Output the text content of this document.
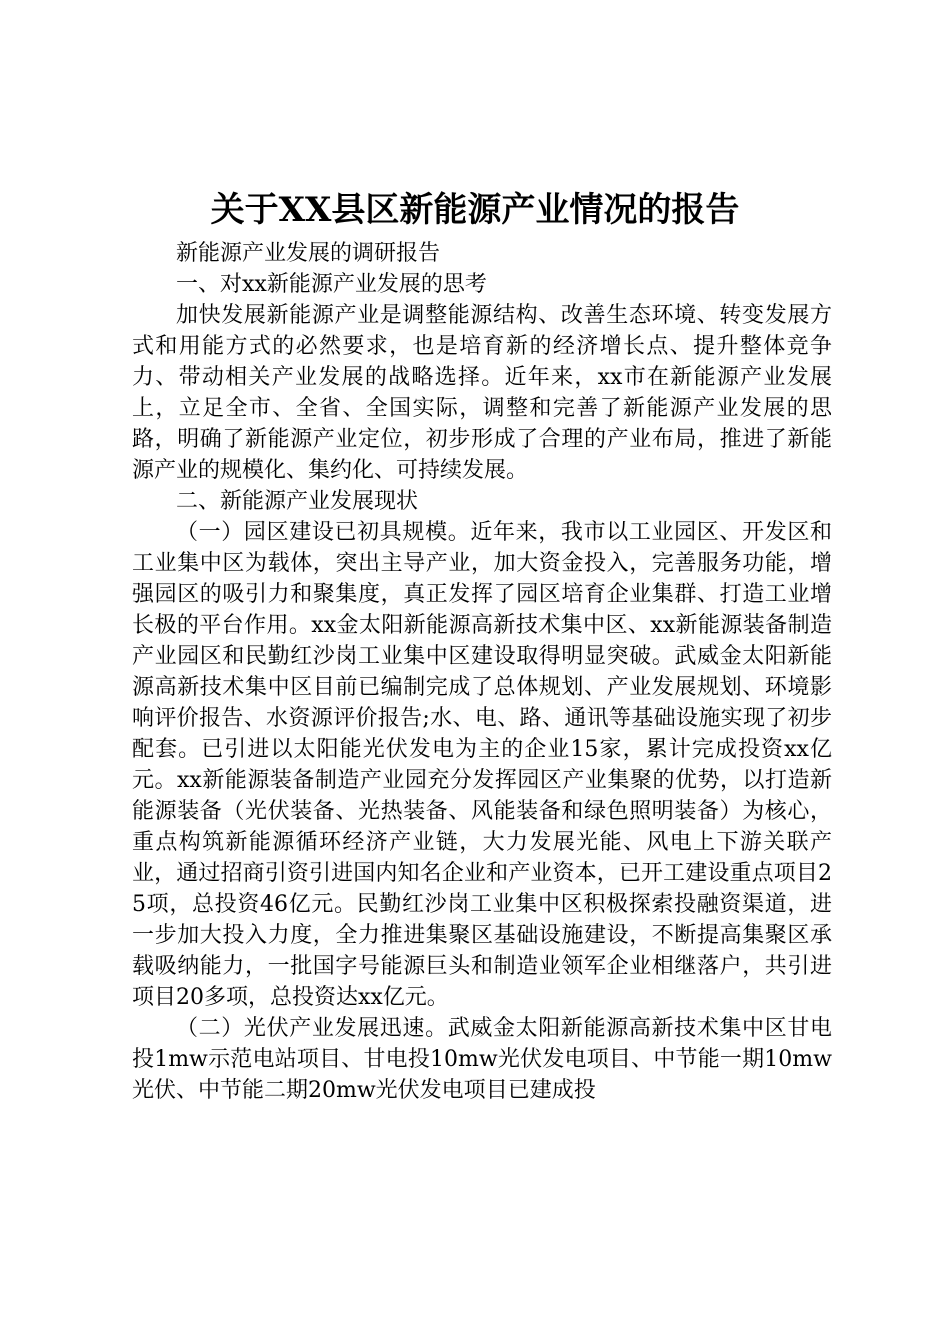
关于XX县区新能源产业情况的报告

新能源产业发展的调研报告

一、对xx新能源产业发展的思考

加快发展新能源产业是调整能源结构、改善生态环境、转变发展方式和用能方式的必然要求，也是培育新的经济增长点、提升整体竞争力、带动相关产业发展的战略选择。近年来，xx市在新能源产业发展上，立足全市、全省、全国实际，调整和完善了新能源产业发展的思路，明确了新能源产业定位，初步形成了合理的产业布局，推进了新能源产业的规模化、集约化、可持续发展。

二、新能源产业发展现状

（一）园区建设已初具规模。近年来，我市以工业园区、开发区和工业集中区为载体，突出主导产业，加大资金投入，完善服务功能，增强园区的吸引力和聚集度，真正发挥了园区培育企业集群、打造工业增长极的平台作用。xx金太阳新能源高新技术集中区、xx新能源装备制造产业园区和民勤红沙岗工业集中区建设取得明显突破。武威金太阳新能源高新技术集中区目前已编制完成了总体规划、产业发展规划、环境影响评价报告、水资源评价报告;水、电、路、通讯等基础设施实现了初步配套。已引进以太阳能光伏发电为主的企业15家，累计完成投资xx亿元。xx新能源装备制造产业园充分发挥园区产业集聚的优势，以打造新能源装备（光伏装备、光热装备、风能装备和绿色照明装备）为核心，重点构筑新能源循环经济产业链，大力发展光能、风电上下游关联产业，通过招商引资引进国内知名企业和产业资本，已开工建设重点项目25项，总投资46亿元。民勤红沙岗工业集中区积极探索投融资渠道，进一步加大投入力度，全力推进集聚区基础设施建设，不断提高集聚区承载吸纳能力，一批国字号能源巨头和制造业领军企业相继落户，共引进项目20多项，总投资达xx亿元。

（二）光伏产业发展迅速。武威金太阳新能源高新技术集中区甘电投1mw示范电站项目、甘电投10mw光伏发电项目、中节能一期10mw光伏、中节能二期20mw光伏发电项目已建成投
